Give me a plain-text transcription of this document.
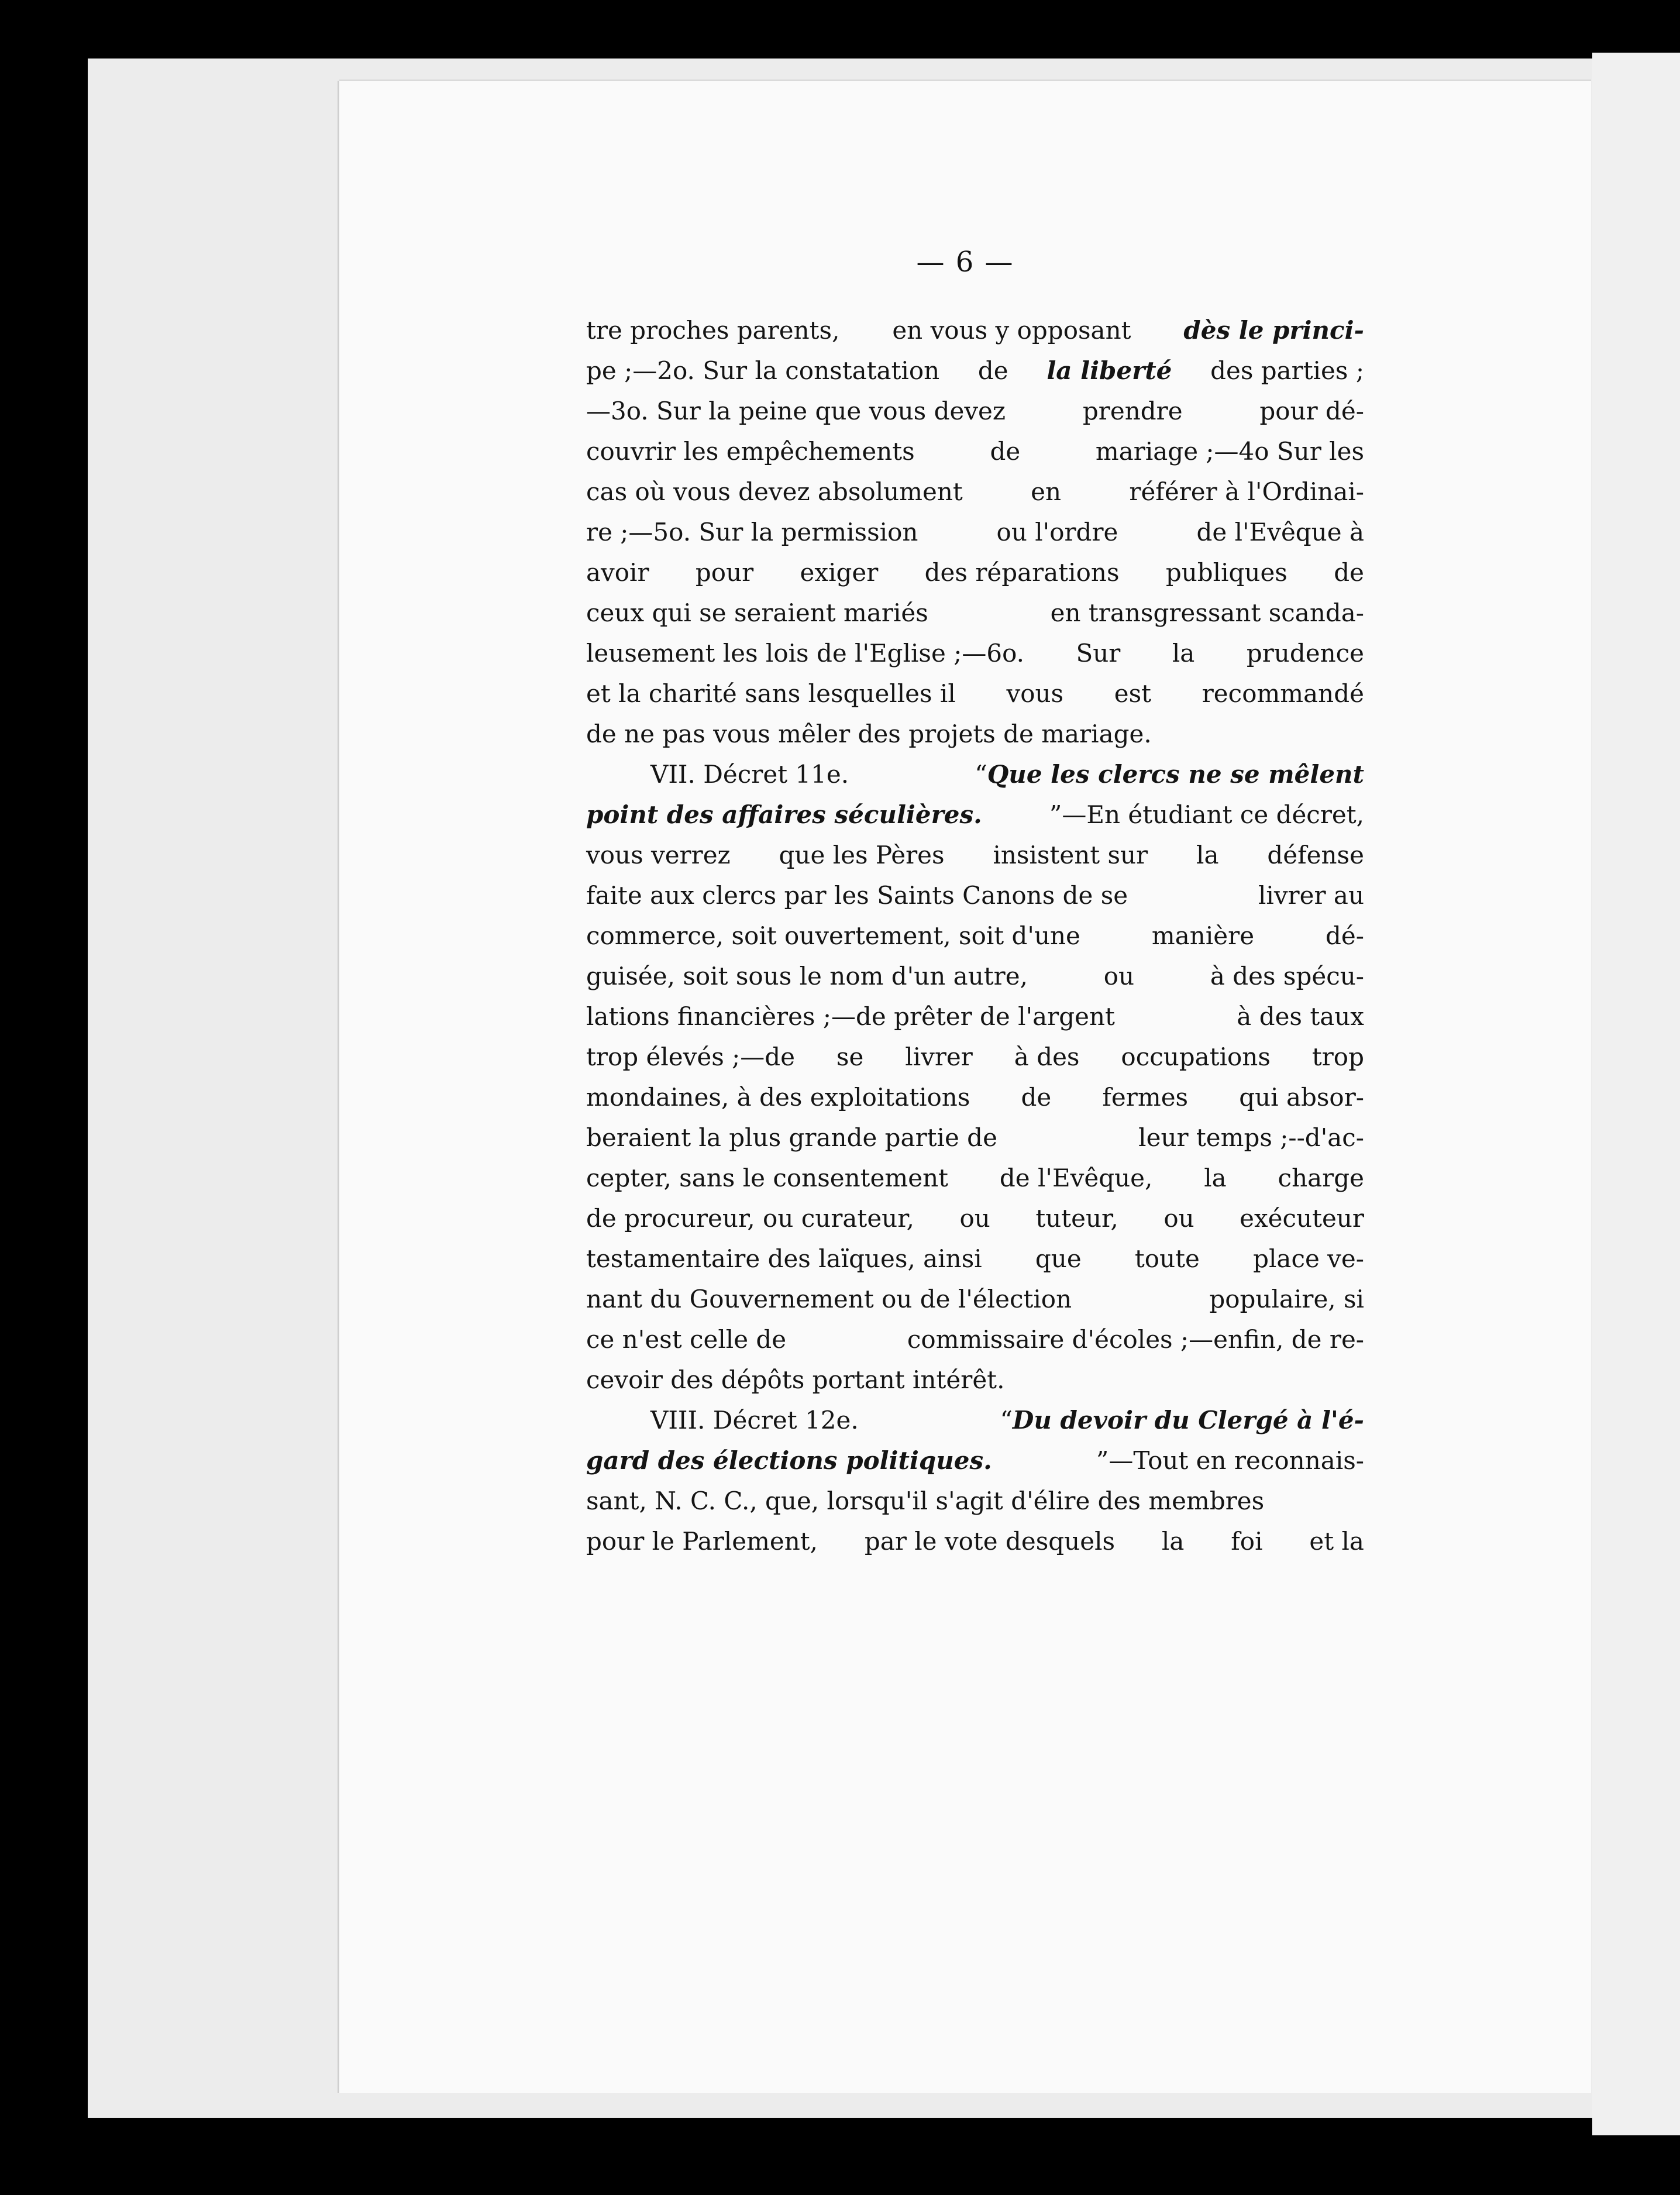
— 6 —
tre proches parents, en vous y opposant dès le princi-
pe ;—2o. Sur la constatation de la liberté des parties ;
—3o. Sur la peine que vous devez	prendre	pour dé-
couvrir les empêchements	de	mariage ;—4o Sur les
cas où vous devez absolument	en	référer à l'Ordinai-
re ;—5o. Sur la permission	ou l'ordre	de l'Evêque à
avoir pour exiger des réparations publiques de
ceux qui se seraient mariés	en transgressant scanda-
leusement les lois de l'Eglise ;—6o. Sur la prudence
et la charité sans lesquelles il vous est recommandé
de ne pas vous mêler des projets de mariage.
VII. Décret 11e.	“Que les clercs ne se mêlent
point des affaires séculières.	”—En étudiant ce décret,
vous verrez que les Pères insistent sur la défense
faite aux clercs par les Saints Canons de se	livrer au
commerce, soit ouvertement, soit d'une	manière	dé-
guisée, soit sous le nom d'un autre,	ou	à des spécu-
lations financières ;—de prêter de l'argent	à des taux
trop élevés ;—de se livrer à des occupations trop
mondaines, à des exploitations de fermes qui absor-
beraient la plus grande partie de	leur temps ;--d'ac-
cepter, sans le consentement de l'Evêque, la charge
de procureur, ou curateur, ou tuteur, ou exécuteur
testamentaire des laïques, ainsi que toute place ve-
nant du Gouvernement ou de l'élection	populaire, si
ce n'est celle de	commissaire d'écoles ;—enfin, de re-
cevoir des dépôts portant intérêt.
VIII. Décret 12e.	“Du devoir du Clergé à l'é-
gard des élections politiques.	”—Tout en reconnais-
sant, N. C. C., que, lorsqu'il s'agit d'élire des membres
pour le Parlement, par le vote desquels la foi et la
